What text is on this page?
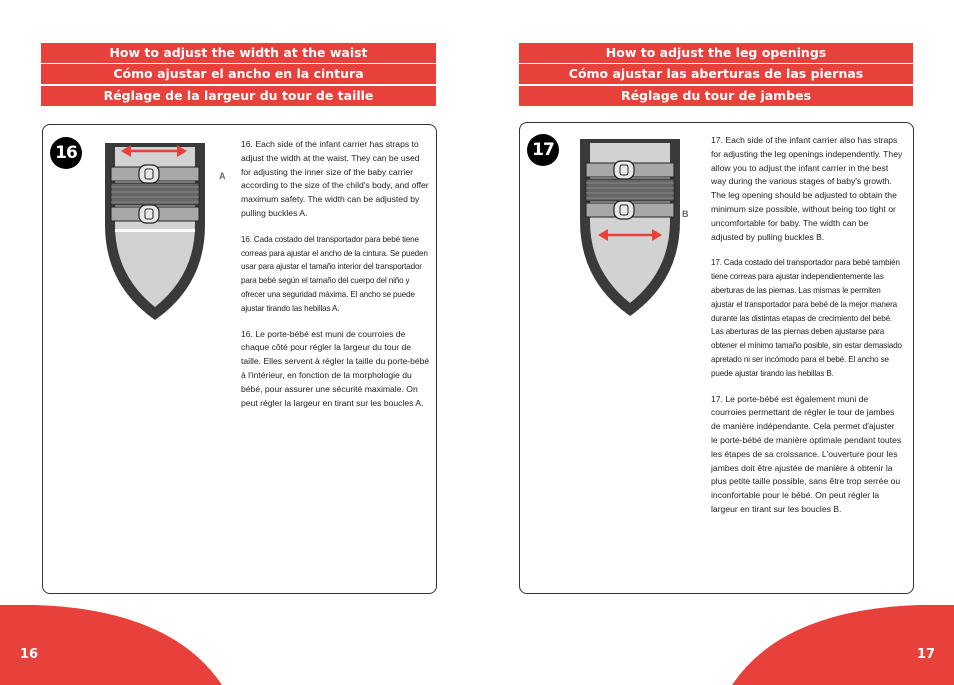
How to adjust the width at the waist
Cómo ajustar el ancho en la cintura
Réglage de la largeur du tour de taille
16
A

16. Each side of the infant carrier has straps to adjust the width at the waist. They can be used for adjusting the inner size of the baby carrier according to the size of the child's body, and offer maximum safety. The width can be adjusted by pulling buckles A.

16. Cada costado del transportador para bebé tiene correas para ajustar el ancho de la cintura. Se pueden usar para ajustar el tamaño interior del transportador para bebé según el tamaño del cuerpo del niño y ofrecer una seguridad máxima. El ancho se puede ajustar tirando las hebillas A.

16. Le porte-bébé est muni de courroies de chaque côté pour régler la largeur du tour de taille. Elles servent à régler la taille du porte-bébé à l'intérieur, en fonction de la morphologie du bébé, pour assurer une sécurité maximale. On peut régler la largeur en tirant sur les boucles A.

How to adjust the leg openings
Cómo ajustar las aberturas de las piernas
Réglage du tour de jambes
17
B

17. Each side of the infant carrier also has straps for adjusting the leg openings independently. They allow you to adjust the infant carrier in the best way during the various stages of baby's growth. The leg opening should be adjusted to obtain the minimum size possible, without being too tight or uncomfortable for baby. The width can be adjusted by pulling buckles B.

17. Cada costado del transportador para bebé también tiene correas para ajustar independientemente las aberturas de las piernas. Las mismas le permiten ajustar el transportador para bebé de la mejor manera durante las distintas etapas de crecimiento del bebé. Las aberturas de las piernas deben ajustarse para obtener el mínimo tamaño posible, sin estar demasiado apretado ni ser incómodo para el bebé. El ancho se puede ajustar tirando las hebillas B.

17. Le porte-bébé est également muni de courroies permettant de régler le tour de jambes de manière indépendante. Cela permet d'ajuster le porte-bébé de manière optimale pendant toutes les étapes de sa croissance. L'ouverture pour les jambes doit être ajustée de manière à obtenir la plus petite taille possible, sans être trop serrée ou inconfortable pour le bébé. On peut régler la largeur en tirant sur les boucles B.

16	17
